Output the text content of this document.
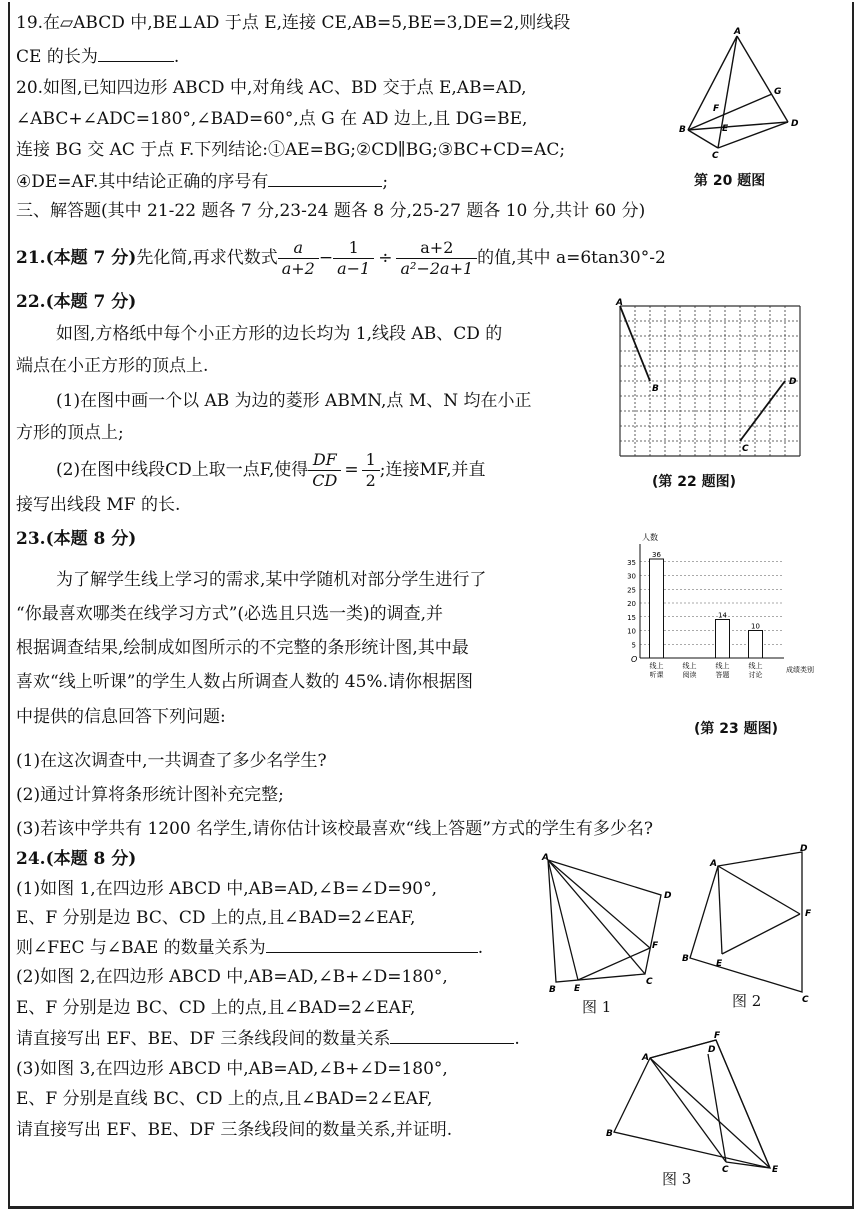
19.在▱ABCD 中,BE⊥AD 于点 E,连接 CE,AB=5,BE=3,DE=2,则线段
CE 的长为	.
20.如图,已知四边形 ABCD 中,对角线 AC、BD 交于点 E,AB=AD,
∠ABC+∠ADC=180°,∠BAD=60°,点 G 在 AD 边上,且 DG=BE,
连接 BG 交 AC 于点 F.下列结论:①AE=BG;②CD∥BG;③BC+CD=AC;
④DE=AF.其中结论正确的序号有	;
A
G
F
B	E	D
C
第 20 题图
三、解答题(其中 21-22 题各 7 分,23-24 题各 8 分,25-27 题各 10 分,共计 60 分)
21.(本题 7 分) 先化简,再求代数式 $\frac{a}{a+2} - \frac{1}{a-1} \div \frac{a+2}{\text{a²−2a+1}}$ 的值,其中 a=6tan30°-2
22.(本题 7 分)
如图,方格纸中每个小正方形的边长均为 1,线段 AB、CD 的
端点在小正方形的顶点上.
(1)在图中画一个以 AB 为边的菱形 ABMN,点 M、N 均在小正
方形的顶点上;
(2)在图中线段CD上取一点F,使得 $\frac{DF}{CD} = \frac{1}{2}$ ;连接MF,并直
接写出线段 MF 的长.
A
B
D
C
(第 22 题图)
23.(本题 8 分)
为了解学生线上学习的需求,某中学随机对部分学生进行了
“你最喜欢哪类在线学习方式”(必选且只选一类)的调查,并
根据调查结果,绘制成如图所示的不完整的条形统计图,其中最
喜欢“线上听课”的学生人数占所调查人数的 45%.请你根据图
中提供的信息回答下列问题:
人数
5
10
15
20
25
30
35
O
成绩类别
36
线上
听课
线上
阅读
14
线上
答题
10
线上
讨论
(第 23 题图)
(1)在这次调查中,一共调查了多少名学生?
(2)通过计算将条形统计图补充完整;
(3)若该中学共有 1200 名学生,请你估计该校最喜欢“线上答题”方式的学生有多少名?
24.(本题 8 分)
(1)如图 1,在四边形 ABCD 中,AB=AD,∠B=∠D=90°,
E、F 分别是边 BC、CD 上的点,且∠BAD=2∠EAF,
则∠FEC 与∠BAE 的数量关系为	.
(2)如图 2,在四边形 ABCD 中,AB=AD,∠B+∠D=180°,
E、F 分别是边 BC、CD 上的点,且∠BAD=2∠EAF,
请直接写出 EF、BE、DF 三条线段间的数量关系	.
(3)如图 3,在四边形 ABCD 中,AB=AD,∠B+∠D=180°,
E、F 分别是直线 BC、CD 上的点,且∠BAD=2∠EAF,
请直接写出 EF、BE、DF 三条线段间的数量关系,并证明.
A
D
F
B E
C
图 1
A
D
F
B	E
C
图 2
A
F
D
B
C	E
图 3
